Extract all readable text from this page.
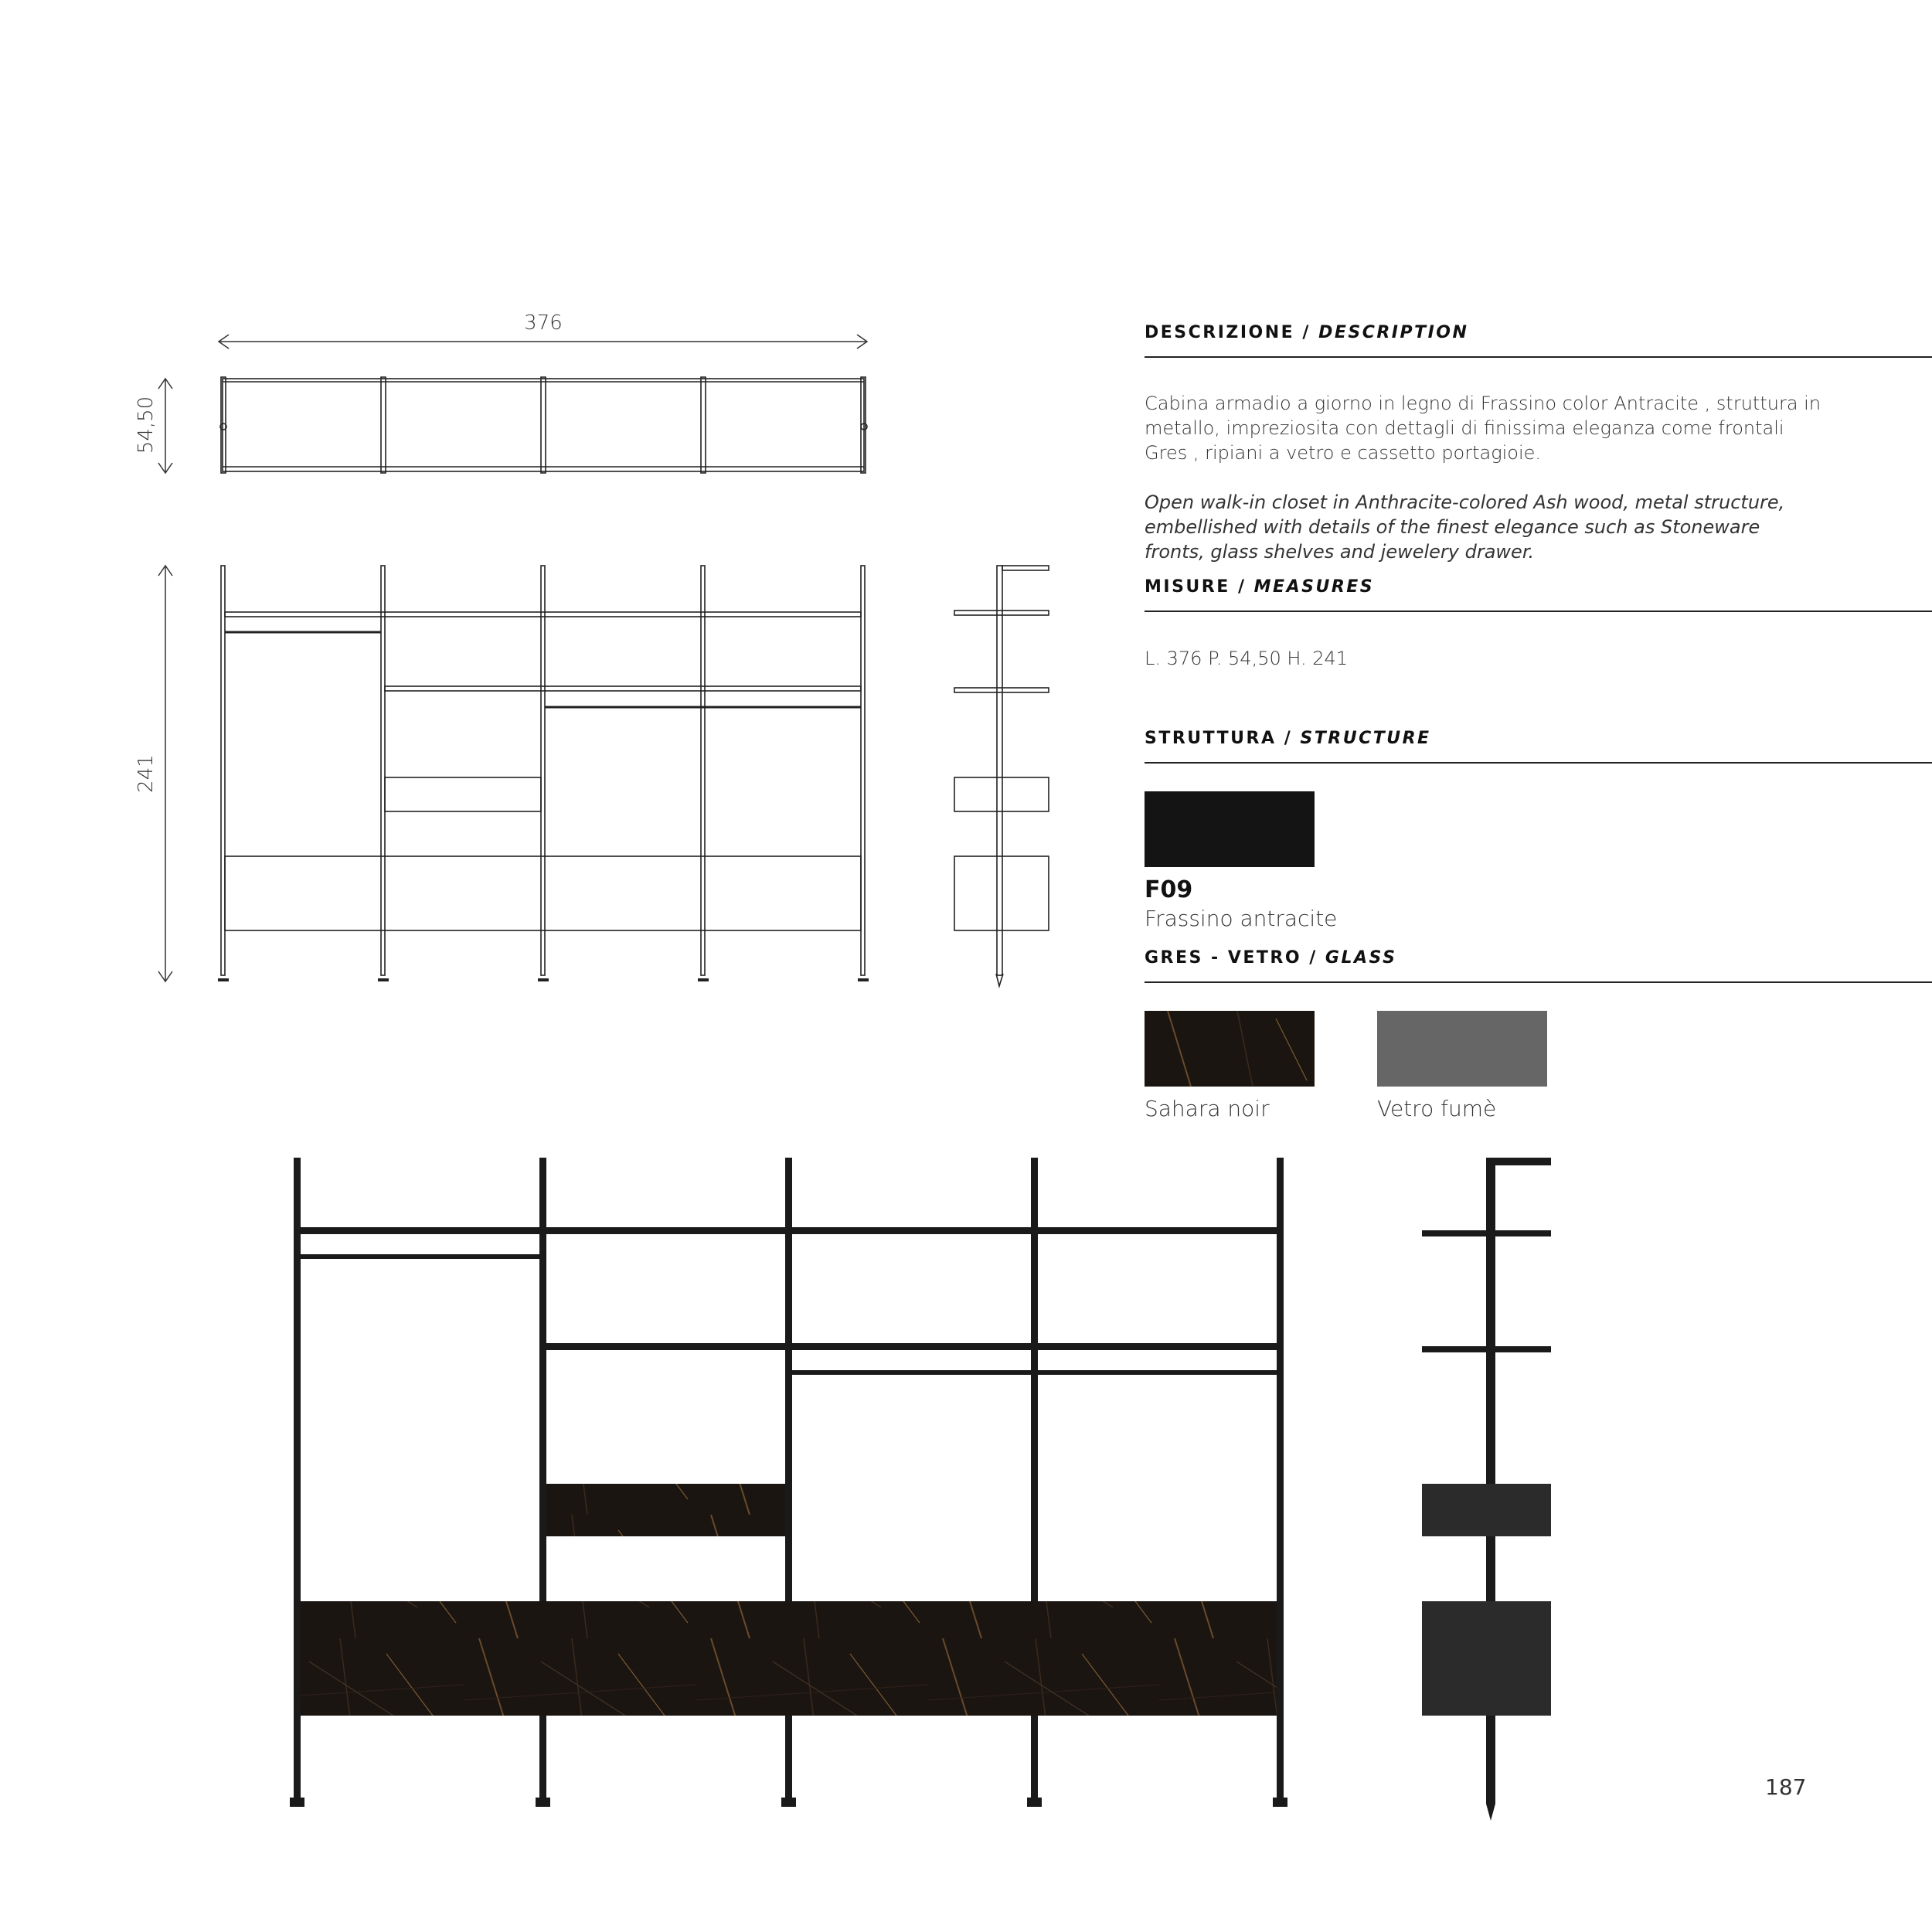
376
54,50
241
DESCRIZIONE / DESCRIPTION

Cabina armadio a giorno in legno di Frassino color Antracite , struttura in metallo, impreziosita con dettagli di finissima eleganza come frontali Gres , ripiani a vetro e cassetto portagioie.

Open walk-in closet in Anthracite-colored Ash wood, metal structure, embellished with details of the finest elegance such as Stoneware fronts, glass shelves and jewelery drawer.

MISURE / MEASURES

L. 376 P. 54,50 H. 241

STRUTTURA / STRUCTURE
F09
Frassino antracite
GRES - VETRO / GLASS
Sahara noir	Vetro fumè
187
